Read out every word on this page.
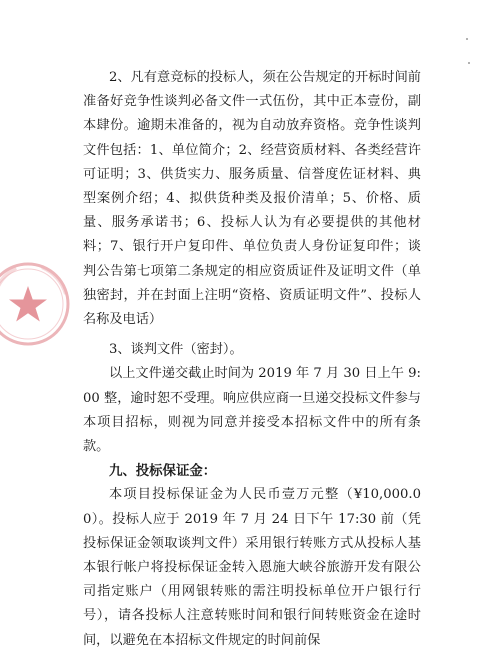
2、凡有意竞标的投标人，须在公告规定的开标时间前准备好竞争性谈判必备文件一式伍份，其中正本壹份，副本肆份。逾期未准备的，视为自动放弃资格。竞争性谈判文件包括：1、单位简介；2、经营资质材料、各类经营许可证明；3、供货实力、服务质量、信誉度佐证材料、典型案例介绍；4、拟供货种类及报价清单；5、价格、质量、服务承诺书；6、投标人认为有必要提供的其他材料；7、银行开户复印件、单位负责人身份证复印件；谈判公告第七项第二条规定的相应资质证件及证明文件（单独密封，并在封面上注明“资格、资质证明文件”、投标人名称及电话）

3、谈判文件（密封）。

以上文件递交截止时间为 2019 年 7 月 30 日上午 9:00 整，逾时恕不受理。响应供应商一旦递交投标文件参与本项目招标，则视为同意并接受本招标文件中的所有条款。

九、投标保证金：

本项目投标保证金为人民币壹万元整（¥10,000.00）。投标人应于 2019 年 7 月 24 日下午 17:30 前（凭投标保证金领取谈判文件）采用银行转账方式从投标人基本银行帐户将投标保证金转入恩施大峡谷旅游开发有限公司指定账户（用网银转账的需注明投标单位开户银行行号），请各投标人注意转账时间和银行间转账资金在途时间，以避免在本招标文件规定的时间前保
